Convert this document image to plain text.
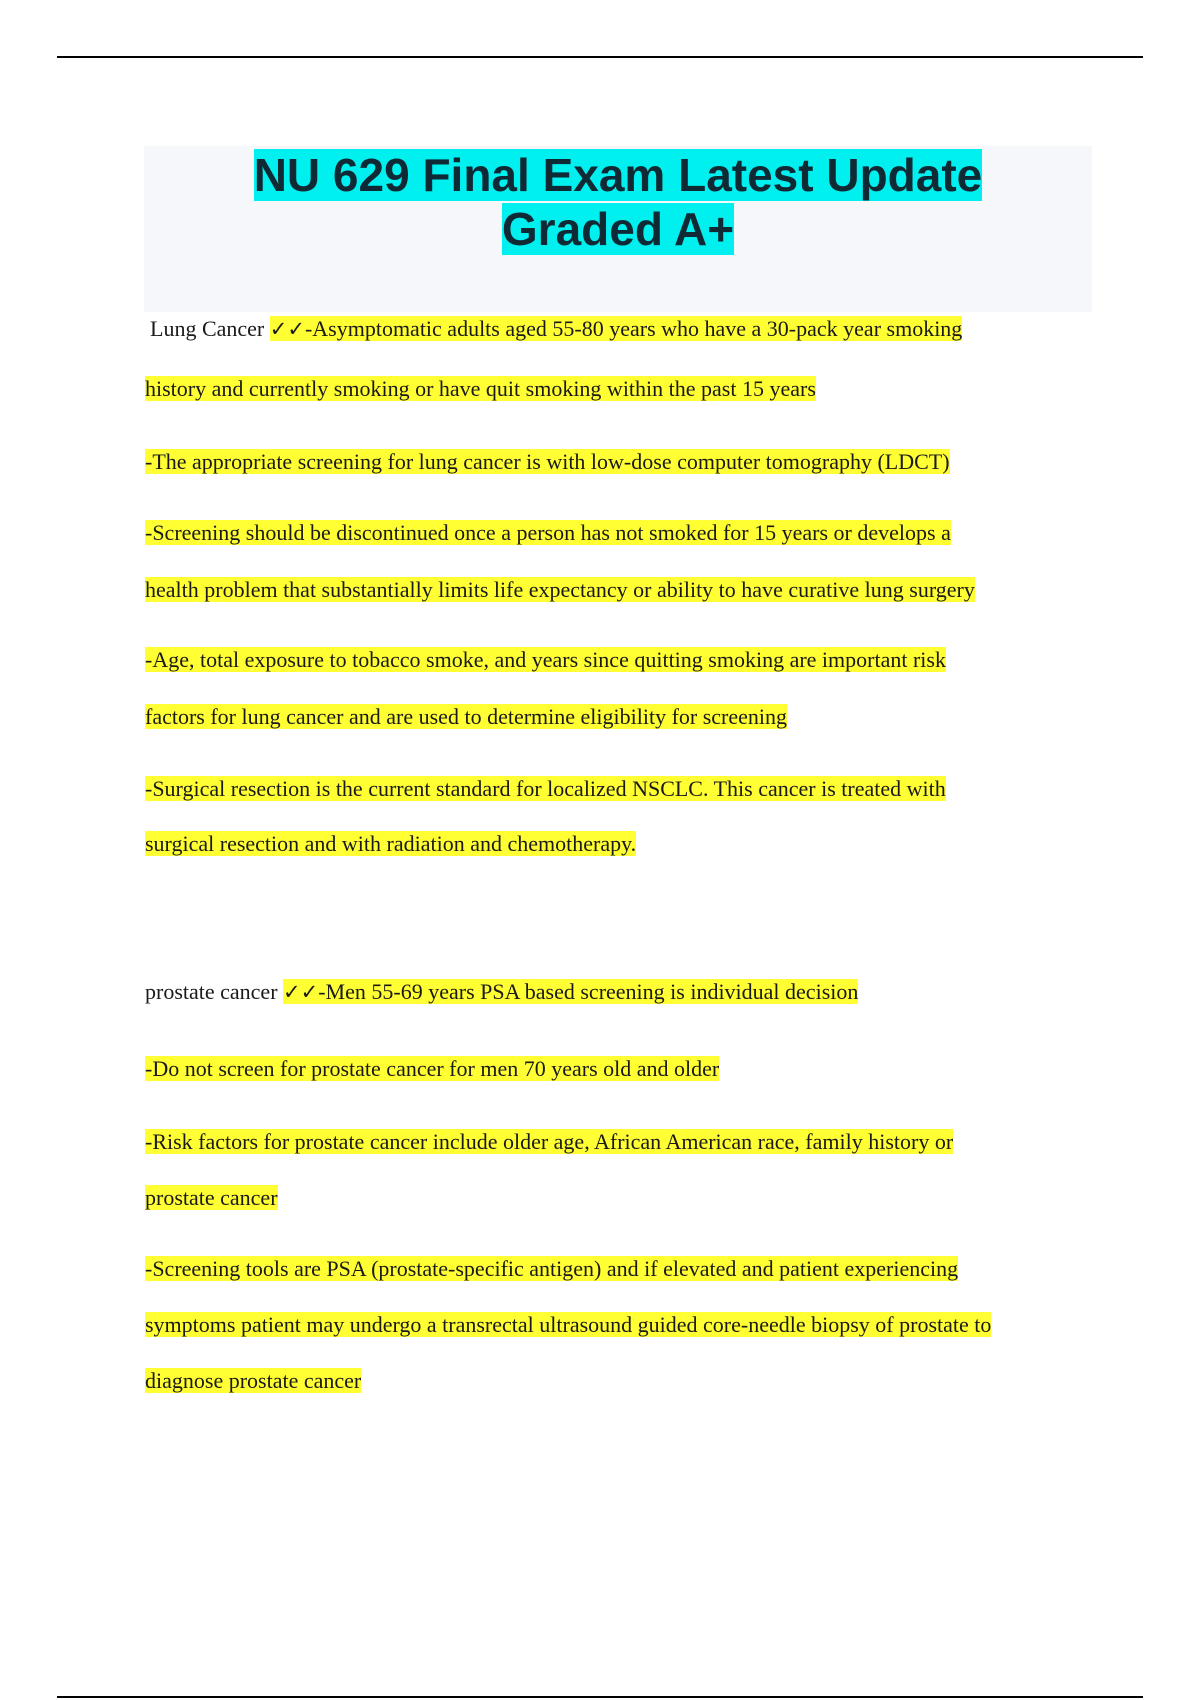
NU 629 Final Exam Latest Update
Graded A+

Lung Cancer ✓✓-Asymptomatic adults aged 55-80 years who have a 30-pack year smoking

history and currently smoking or have quit smoking within the past 15 years

-The appropriate screening for lung cancer is with low-dose computer tomography (LDCT)

-Screening should be discontinued once a person has not smoked for 15 years or develops a

health problem that substantially limits life expectancy or ability to have curative lung surgery

-Age, total exposure to tobacco smoke, and years since quitting smoking are important risk

factors for lung cancer and are used to determine eligibility for screening

-Surgical resection is the current standard for localized NSCLC. This cancer is treated with

surgical resection and with radiation and chemotherapy.

prostate cancer ✓✓-Men 55-69 years PSA based screening is individual decision

-Do not screen for prostate cancer for men 70 years old and older

-Risk factors for prostate cancer include older age, African American race, family history or

prostate cancer

-Screening tools are PSA (prostate-specific antigen) and if elevated and patient experiencing

symptoms patient may undergo a transrectal ultrasound guided core-needle biopsy of prostate to

diagnose prostate cancer
